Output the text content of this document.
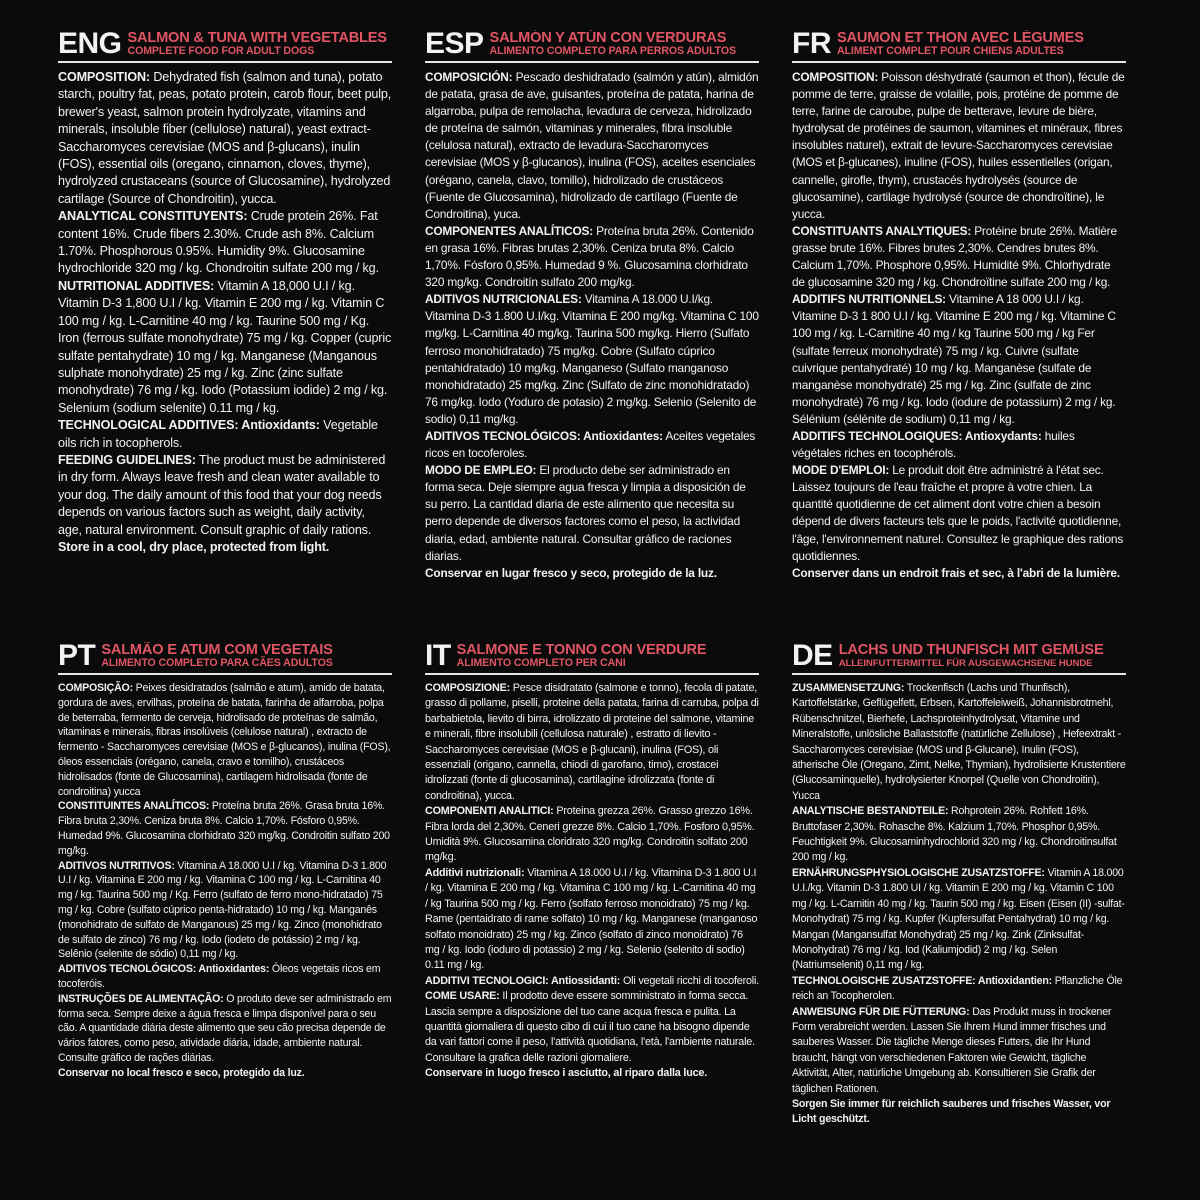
ENG SALMON & TUNA WITH VEGETABLES
COMPLETE FOOD FOR ADULT DOGS

COMPOSITION: Dehydrated fish (salmon and tuna), potato starch, poultry fat, peas, potato protein, carob flour, beet pulp, brewer's yeast, salmon protein hydrolyzate, vitamins and minerals, insoluble fiber (cellulose) natural), yeast extract-Saccharomyces cerevisiae (MOS and β-glucans), inulin (FOS), essential oils (oregano, cinnamon, cloves, thyme), hydrolyzed crustaceans (source of Glucosamine), hydrolyzed cartilage (Source of Chondroitin), yucca.

ANALYTICAL CONSTITUYENTS: Crude protein 26%. Fat content 16%. Crude fibers 2.30%. Crude ash 8%. Calcium 1.70%. Phosphorous 0.95%. Humidity 9%. Glucosamine hydrochloride 320 mg / kg. Chondroitin sulfate 200 mg / kg.

NUTRITIONAL ADDITIVES: Vitamin A 18,000 U.I / kg. Vitamin D-3 1,800 U.I / kg. Vitamin E 200 mg / kg. Vitamin C 100 mg / kg. L-Carnitine 40 mg / kg. Taurine 500 mg / Kg. Iron (ferrous sulfate monohydrate) 75 mg / kg. Copper (cupric sulfate pentahydrate) 10 mg / kg. Manganese (Manganous sulphate monohydrate) 25 mg / kg. Zinc (zinc sulfate monohydrate) 76 mg / kg. Iodo (Potassium iodide) 2 mg / kg. Selenium (sodium selenite) 0.11 mg / kg.

TECHNOLOGICAL ADDITIVES: Antioxidants: Vegetable oils rich in tocopherols.

FEEDING GUIDELINES: The product must be administered in dry form. Always leave fresh and clean water available to your dog. The daily amount of this food that your dog needs depends on various factors such as weight, daily activity, age, natural environment. Consult graphic of daily rations.

Store in a cool, dry place, protected from light.

ESP SALMÓN Y ATÚN CON VERDURAS
ALIMENTO COMPLETO PARA PERROS ADULTOS

COMPOSICIÓN: Pescado deshidratado (salmón y atún), almidón de patata, grasa de ave, guisantes, proteína de patata, harina de algarroba, pulpa de remolacha, levadura de cerveza, hidrolizado de proteína de salmón, vitaminas y minerales, fibra insoluble (celulosa natural), extracto de levadura-Saccharomyces cerevisiae (MOS y β-glucanos), inulina (FOS), aceites esenciales (orégano, canela, clavo, tomillo), hidrolizado de crustáceos (Fuente de Glucosamina), hidrolizado de cartílago (Fuente de Condroitina), yuca.

COMPONENTES ANALÍTICOS: Proteína bruta 26%. Contenido en grasa 16%. Fibras brutas 2,30%. Ceniza bruta 8%. Calcio 1,70%. Fósforo 0,95%. Humedad 9 %. Glucosamina clorhidrato 320 mg/kg. Condroitín sulfato 200 mg/kg.

ADITIVOS NUTRICIONALES: Vitamina A 18.000 U.I/kg. Vitamina D-3 1.800 U.I/kg. Vitamina E 200 mg/kg. Vitamina C 100 mg/kg. L-Carnitina 40 mg/kg. Taurina 500 mg/kg. Hierro (Sulfato ferroso monohidratado) 75 mg/kg. Cobre (Sulfato cúprico pentahidratado) 10 mg/kg. Manganeso (Sulfato manganoso monohidratado) 25 mg/kg. Zinc (Sulfato de zinc monohidratado) 76 mg/kg. Iodo (Yoduro de potasio) 2 mg/kg. Selenio (Selenito de sodio) 0,11 mg/kg.

ADITIVOS TECNOLÓGICOS: Antioxidantes: Aceites vegetales ricos en tocoferoles.

MODO DE EMPLEO: El producto debe ser administrado en forma seca. Deje siempre agua fresca y limpia a disposición de su perro. La cantidad diaria de este alimento que necesita su perro depende de diversos factores como el peso, la actividad diaria, edad, ambiente natural. Consultar gráfico de raciones diarias.

Conservar en lugar fresco y seco, protegido de la luz.

FR SAUMON ET THON AVEC LÉGUMES
ALIMENT COMPLET POUR CHIENS ADULTES

COMPOSITION: Poisson déshydraté (saumon et thon), fécule de pomme de terre, graisse de volaille, pois, protéine de pomme de terre, farine de caroube, pulpe de betterave, levure de bière, hydrolysat de protéines de saumon, vitamines et minéraux, fibres insolubles naturel), extrait de levure-Saccharomyces cerevisiae (MOS et β-glucanes), inuline (FOS), huiles essentielles (origan, cannelle, girofle, thym), crustacés hydrolysés (source de glucosamine), cartilage hydrolysé (source de chondroïtine), le yucca.

CONSTITUANTS ANALYTIQUES: Protéine brute 26%. Matière grasse brute 16%. Fibres brutes 2,30%. Cendres brutes 8%. Calcium 1,70%. Phosphore 0,95%. Humidité 9%. Chlorhydrate de glucosamine 320 mg / kg. Chondroïtine sulfate 200 mg / kg.

ADDITIFS NUTRITIONNELS: Vitamine A 18 000 U.I / kg. Vitamine D-3 1 800 U.I / kg. Vitamine E 200 mg / kg. Vitamine C 100 mg / kg. L-Carnitine 40 mg / kg Taurine 500 mg / kg Fer (sulfate ferreux monohydraté) 75 mg / kg. Cuivre (sulfate cuivrique pentahydraté) 10 mg / kg. Manganèse (sulfate de manganèse monohydraté) 25 mg / kg. Zinc (sulfate de zinc monohydraté) 76 mg / kg. Iodo (iodure de potassium) 2 mg / kg. Sélénium (sélénite de sodium) 0,11 mg / kg.

ADDITIFS TECHNOLOGIQUES: Antioxydants: huiles végétales riches en tocophérols.

MODE D'EMPLOI: Le produit doit être administré à l'état sec. Laissez toujours de l'eau fraîche et propre à votre chien. La quantité quotidienne de cet aliment dont votre chien a besoin dépend de divers facteurs tels que le poids, l'activité quotidienne, l'âge, l'environnement naturel. Consultez le graphique des rations quotidiennes.

Conserver dans un endroit frais et sec, à l'abri de la lumière.

PT SALMÃO E ATUM COM VEGETAIS
ALIMENTO COMPLETO PARA CÃES ADULTOS

COMPOSIÇÃO: Peixes desidratados (salmão e atum), amido de batata, gordura de aves, ervilhas, proteína de batata, farinha de alfarroba, polpa de beterraba, fermento de cerveja, hidrolisado de proteínas de salmão, vitaminas e minerais, fibras insolúveis (celulose natural) , extracto de fermento - Saccharomyces cerevisiae (MOS e β-glucanos), inulina (FOS), óleos essenciais (orégano, canela, cravo e tomilho), crustáceos hidrolisados (fonte de Glucosamina), cartilagem hidrolisada (fonte de condroitina) yucca

CONSTITUINTES ANALÍTICOS: Proteína bruta 26%. Grasa bruta 16%. Fibra bruta 2,30%. Ceniza bruta 8%. Calcio 1,70%. Fósforo 0,95%. Humedad 9%. Glucosamina clorhidrato 320 mg/kg. Condroitin sulfato 200 mg/kg.

ADITIVOS NUTRITIVOS: Vitamina A 18.000 U.I / kg. Vitamina D-3 1.800 U.I / kg. Vitamina E 200 mg / kg. Vitamina C 100 mg / kg. L-Carnitina 40 mg / kg. Taurina 500 mg / Kg. Ferro (sulfato de ferro mono-hidratado) 75 mg / kg. Cobre (sulfato cúprico penta-hidratado) 10 mg / kg. Manganês (monohidrato de sulfato de Manganous) 25 mg / kg. Zinco (monohidrato de sulfato de zinco) 76 mg / kg. Iodo (iodeto de potássio) 2 mg / kg. Selênio (selenite de sódio) 0,11 mg / kg.

ADITIVOS TECNOLÓGICOS: Antioxidantes: Óleos vegetais ricos em tocoferóis.

INSTRUÇÕES DE ALIMENTAÇÃO: O produto deve ser administrado em forma seca. Sempre deixe a água fresca e limpa disponível para o seu cão. A quantidade diária deste alimento que seu cão precisa depende de vários fatores, como peso, atividade diária, idade, ambiente natural. Consulte gráfico de rações diárias.

Conservar no local fresco e seco, protegido da luz.

IT SALMONE E TONNO CON VERDURE
ALIMENTO COMPLETO PER CANI

COMPOSIZIONE: Pesce disidratato (salmone e tonno), fecola di patate, grasso di pollame, piselli, proteine della patata, farina di carruba, polpa di barbabietola, lievito di birra, idrolizzato di proteine del salmone, vitamine e minerali, fibre insolubili (cellulosa naturale) , estratto di lievito - Saccharomyces cerevisiae (MOS e β-glucani), inulina (FOS), oli essenziali (origano, cannella, chiodi di garofano, timo), crostacei idrolizzati (fonte di glucosamina), cartilagine idrolizzata (fonte di condroitina), yucca.

COMPONENTI ANALITICI: Proteina grezza 26%. Grasso grezzo 16%. Fibra lorda del 2,30%. Ceneri grezze 8%. Calcio 1,70%. Fosforo 0,95%. Umidità 9%. Glucosamina cloridrato 320 mg/kg. Condroitin solfato 200 mg/kg.

Additivi nutrizionali: Vitamina A 18.000 U.I / kg. Vitamina D-3 1.800 U.I / kg. Vitamina E 200 mg / kg. Vitamina C 100 mg / kg. L-Carnitina 40 mg / kg Taurina 500 mg / kg. Ferro (solfato ferroso monoidrato) 75 mg / kg. Rame (pentaidrato di rame solfato) 10 mg / kg. Manganese (manganoso solfato monoidrato) 25 mg / kg. Zinco (solfato di zinco monoidrato) 76 mg / kg. Iodo (ioduro di potassio) 2 mg / kg. Selenio (selenito di sodio) 0.11 mg / kg.

ADDITIVI TECNOLOGICI: Antiossidanti: Oli vegetali ricchi di tocoferoli.

COME USARE: Il prodotto deve essere somministrato in forma secca. Lascia sempre a disposizione del tuo cane acqua fresca e pulita. La quantità giornaliera di questo cibo di cui il tuo cane ha bisogno dipende da vari fattori come il peso, l'attività quotidiana, l'età, l'ambiente naturale. Consultare la grafica delle razioni giornaliere.

Conservare in luogo fresco i asciutto, al riparo dalla luce.

DE LACHS UND THUNFISCH MIT GEMÜSE
ALLEINFUTTERMITTEL FÜR AUSGEWACHSENE HUNDE

ZUSAMMENSETZUNG: Trockenfisch (Lachs und Thunfisch), Kartoffelstärke, Geflügelfett, Erbsen, Kartoffeleiweiß, Johannisbrotmehl, Rübenschnitzel, Bierhefe, Lachsproteinhydrolysat, Vitamine und Mineralstoffe, unlösliche Ballaststoffe (natürliche Zellulose) , Hefeextrakt - Saccharomyces cerevisiae (MOS und β-Glucane), Inulin (FOS), ätherische Öle (Oregano, Zimt, Nelke, Thymian), hydrolisierte Krustentiere (Glucosaminquelle), hydrolysierter Knorpel (Quelle von Chondroitin), Yucca

ANALYTISCHE BESTANDTEILE: Rohprotein 26%. Rohfett 16%. Bruttofaser 2,30%. Rohasche 8%. Kalzium 1,70%. Phosphor 0,95%. Feuchtigkeit 9%. Glucosaminhydrochlorid 320 mg / kg. Chondroitinsulfat 200 mg / kg.

ERNÄHRUNGSPHYSIOLOGISCHE ZUSATZSTOFFE: Vitamin A 18.000 U.I./kg. Vitamin D-3 1.800 UI / kg. Vitamin E 200 mg / kg. Vitamin C 100 mg / kg. L-Carnitin 40 mg / kg. Taurin 500 mg / kg. Eisen (Eisen (II) -sulfat-Monohydrat) 75 mg / kg. Kupfer (Kupfersulfat Pentahydrat) 10 mg / kg. Mangan (Mangansulfat Monohydrat) 25 mg / kg. Zink (Zinksulfat-Monohydrat) 76 mg / kg. Iod (Kaliumjodid) 2 mg / kg. Selen (Natriumselenit) 0,11 mg / kg.

TECHNOLOGISCHE ZUSATZSTOFFE: Antioxidantien: Pflanzliche Öle reich an Tocopherolen.

ANWEISUNG FÜR DIE FÜTTERUNG: Das Produkt muss in trockener Form verabreicht werden. Lassen Sie Ihrem Hund immer frisches und sauberes Wasser. Die tägliche Menge dieses Futters, die Ihr Hund braucht, hängt von verschiedenen Faktoren wie Gewicht, tägliche Aktivität, Alter, natürliche Umgebung ab. Konsultieren Sie Grafik der täglichen Rationen.

Sorgen Sie immer für reichlich sauberes und frisches Wasser, vor Licht geschützt.
